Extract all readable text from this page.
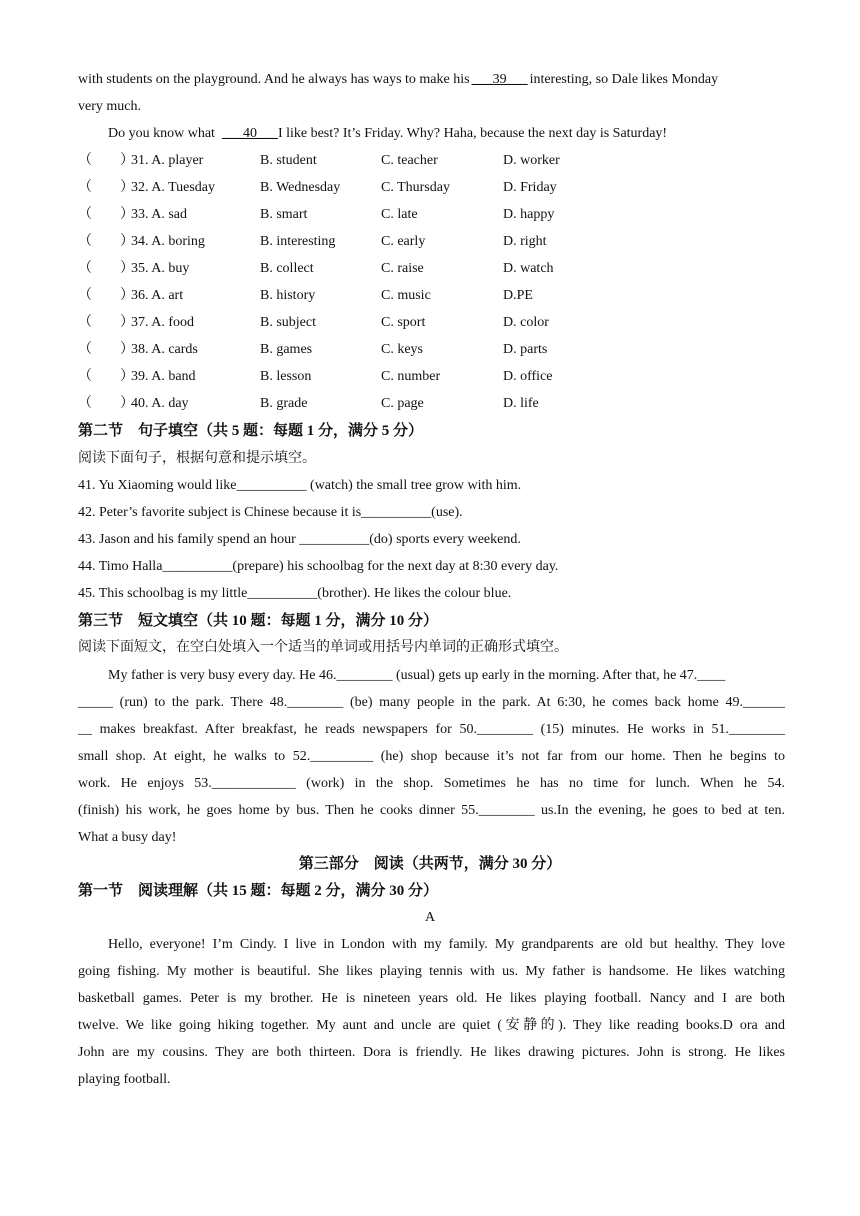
with students on the playground. And he always has ways to make his ___39___ interesting, so Dale likes Monday
very much.
Do you know what ___40___I like best? It’s Friday. Why? Haha, because the next day is Saturday!
（　　）
31. A. player	B. student	C. teacher	D. worker
（　　）
32. A. Tuesday	B. Wednesday	C. Thursday	D. Friday
（　　）
33. A. sad	B. smart	C. late	D. happy
（　　）
34. A. boring	B. interesting	C. early	D. right
（　　）
35. A. buy	B. collect	C. raise	D. watch
（　　）
36. A. art	B. history	C. music	D.PE
（　　）
37. A. food	B. subject	C. sport	D. color
（　　）
38. A. cards	B. games	C. keys	D. parts
（　　）
39. A. band	B. lesson	C. number	D. office
（　　）
40. A. day	B. grade	C. page	D. life
第二节　句子填空（共 5 题：每题 1 分，满分 5 分）
阅读下面句子，根据句意和提示填空。
41. Yu Xiaoming would like__________ (watch) the small tree grow with him.
42. Peter’s favorite subject is Chinese because it is__________(use).
43. Jason and his family spend an hour __________(do) sports every weekend.
44. Timo Halla__________(prepare) his schoolbag for the next day at 8:30 every day.
45. This schoolbag is my little__________(brother). He likes the colour blue.
第三节　短文填空（共 10 题：每题 1 分，满分 10 分）
阅读下面短文，在空白处填入一个适当的单词或用括号内单词的正确形式填空。
My father is very busy every day. He 46.________ (usual) gets up early in the morning. After that, he 47.____
_____ (run) to the park. There 48.________ (be) many people in the park. At 6:30, he comes back home 49.______
__ makes breakfast. After breakfast, he reads newspapers for 50.________ (15) minutes. He works in 51.________
small shop. At eight, he walks to 52._________ (he) shop because it’s not far from our home. Then he begins to
work. He enjoys 53.____________ (work) in the shop. Sometimes he has no time for lunch. When he 54.
(finish) his work, he goes home by bus. Then he cooks dinner 55.________ us.In the evening, he goes to bed at ten.
What a busy day!
第三部分　阅读（共两节，满分 30 分）
第一节　阅读理解（共 15 题：每题 2 分，满分 30 分）
A
Hello, everyone! I’m Cindy. I live in London with my family. My grandparents are old but healthy. They love
going fishing. My mother is beautiful. She likes playing tennis with us. My father is handsome. He likes watching
basketball games. Peter is my brother. He is nineteen years old. He likes playing football. Nancy and I are both
twelve. We like going hiking together. My aunt and uncle are quiet (安静的). They like reading books.D ora and
John are my cousins. They are both thirteen. Dora is friendly. He likes drawing pictures. John is strong. He likes
playing football.
